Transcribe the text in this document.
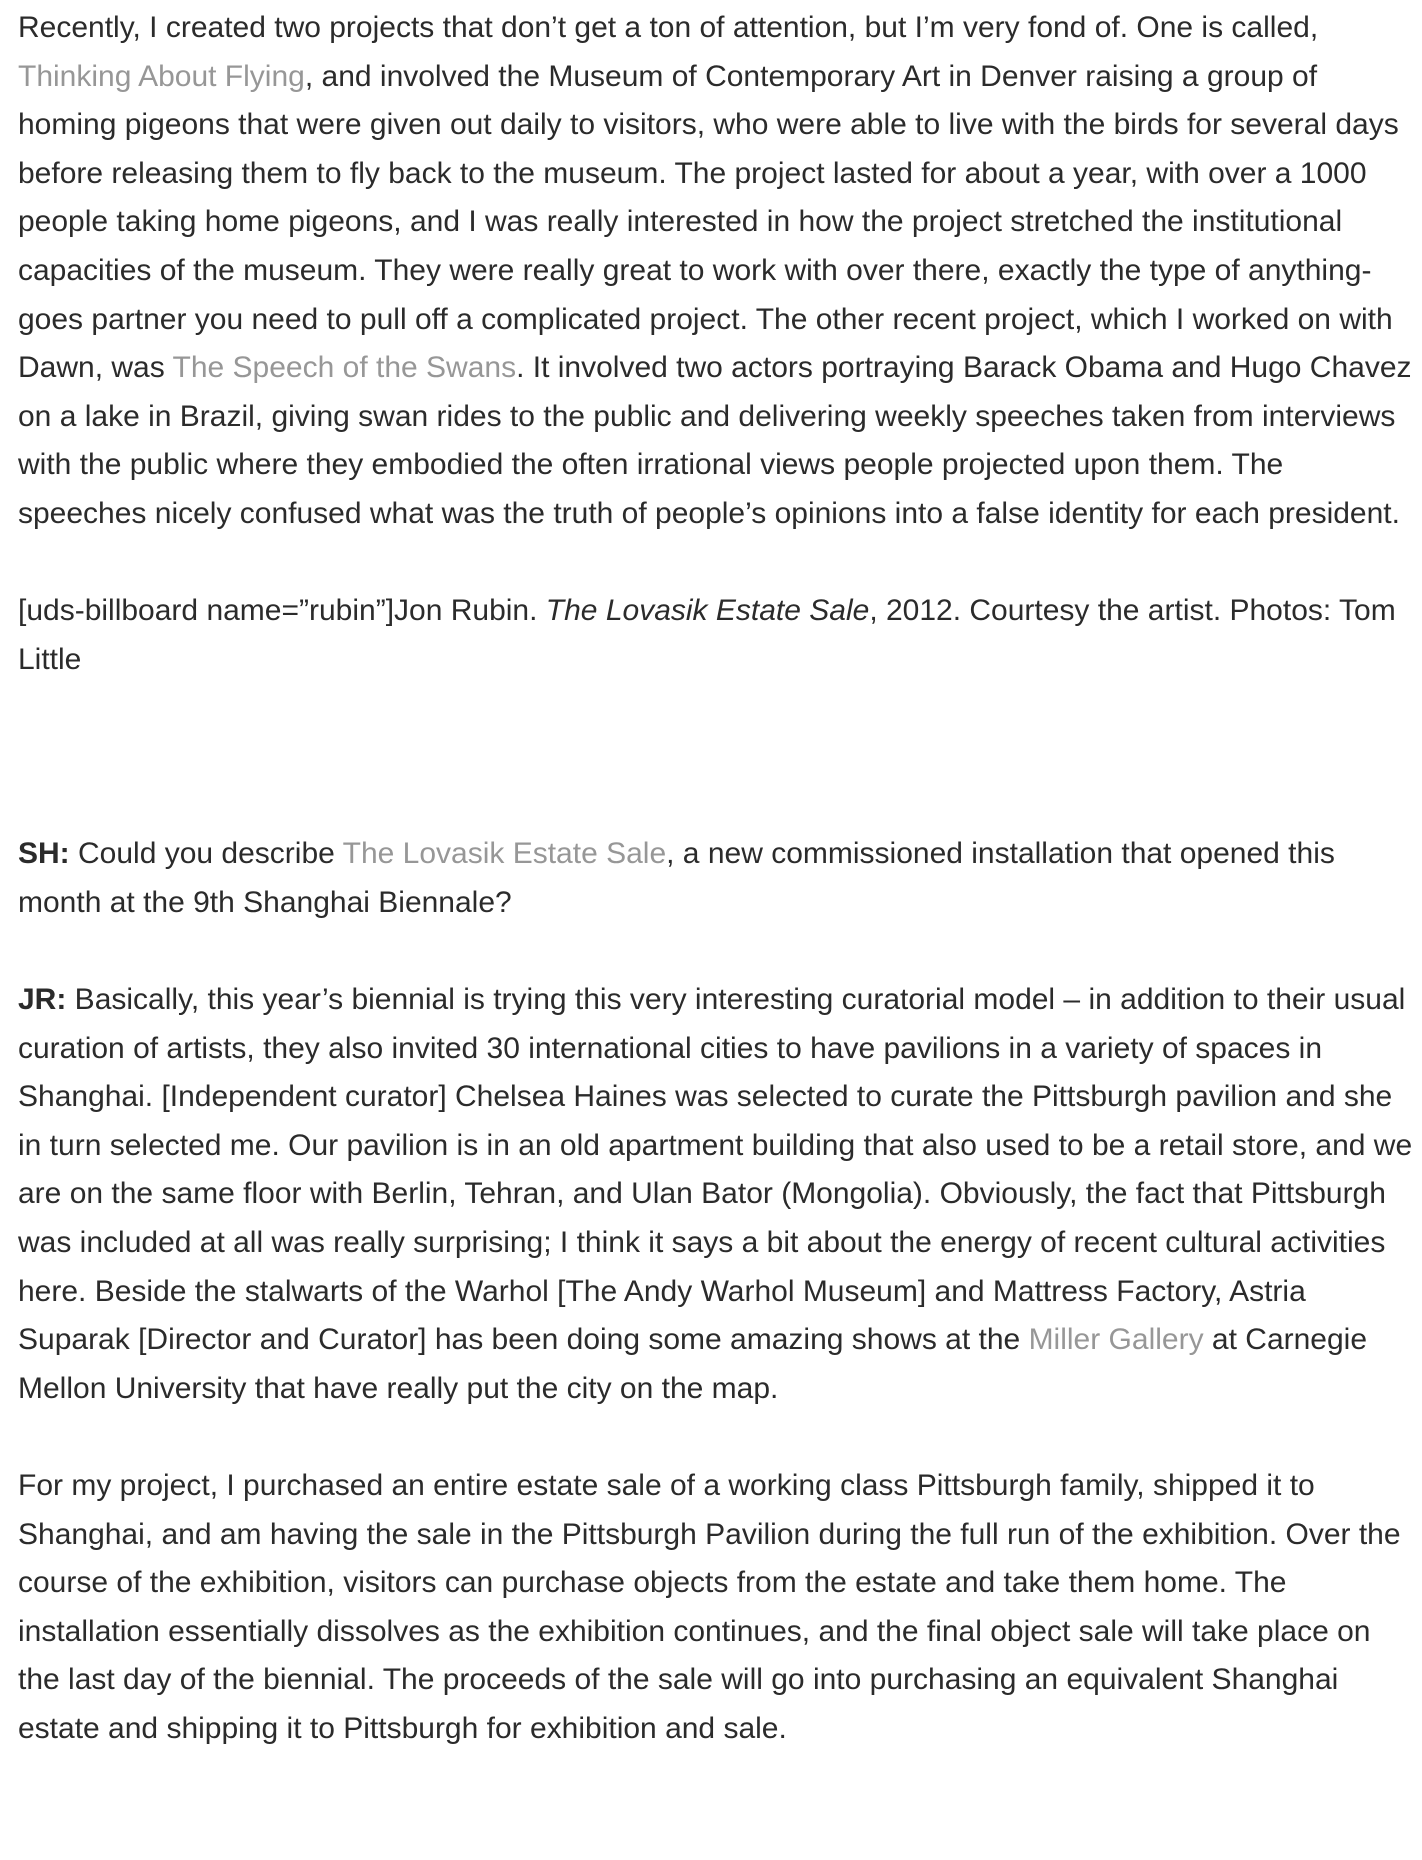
Recently, I created two projects that don’t get a ton of attention, but I’m very fond of. One is called, Thinking About Flying, and involved the Museum of Contemporary Art in Denver raising a group of homing pigeons that were given out daily to visitors, who were able to live with the birds for several days before releasing them to fly back to the museum. The project lasted for about a year, with over a 1000 people taking home pigeons, and I was really interested in how the project stretched the institutional capacities of the museum. They were really great to work with over there, exactly the type of anything-goes partner you need to pull off a complicated project. The other recent project, which I worked on with Dawn, was The Speech of the Swans. It involved two actors portraying Barack Obama and Hugo Chavez on a lake in Brazil, giving swan rides to the public and delivering weekly speeches taken from interviews with the public where they embodied the often irrational views people projected upon them. The speeches nicely confused what was the truth of people’s opinions into a false identity for each president.

[uds-billboard name=”rubin”]Jon Rubin. The Lovasik Estate Sale, 2012. Courtesy the artist. Photos: Tom Little

SH: Could you describe The Lovasik Estate Sale, a new commissioned installation that opened this month at the 9th Shanghai Biennale?

JR: Basically, this year’s biennial is trying this very interesting curatorial model – in addition to their usual curation of artists, they also invited 30 international cities to have pavilions in a variety of spaces in Shanghai. [Independent curator] Chelsea Haines was selected to curate the Pittsburgh pavilion and she in turn selected me. Our pavilion is in an old apartment building that also used to be a retail store, and we are on the same floor with Berlin, Tehran, and Ulan Bator (Mongolia). Obviously, the fact that Pittsburgh was included at all was really surprising; I think it says a bit about the energy of recent cultural activities here. Beside the stalwarts of the Warhol [The Andy Warhol Museum] and Mattress Factory, Astria Suparak [Director and Curator] has been doing some amazing shows at the Miller Gallery at Carnegie Mellon University that have really put the city on the map.

For my project, I purchased an entire estate sale of a working class Pittsburgh family, shipped it to Shanghai, and am having the sale in the Pittsburgh Pavilion during the full run of the exhibition. Over the course of the exhibition, visitors can purchase objects from the estate and take them home. The installation essentially dissolves as the exhibition continues, and the final object sale will take place on the last day of the biennial. The proceeds of the sale will go into purchasing an equivalent Shanghai estate and shipping it to Pittsburgh for exhibition and sale.
